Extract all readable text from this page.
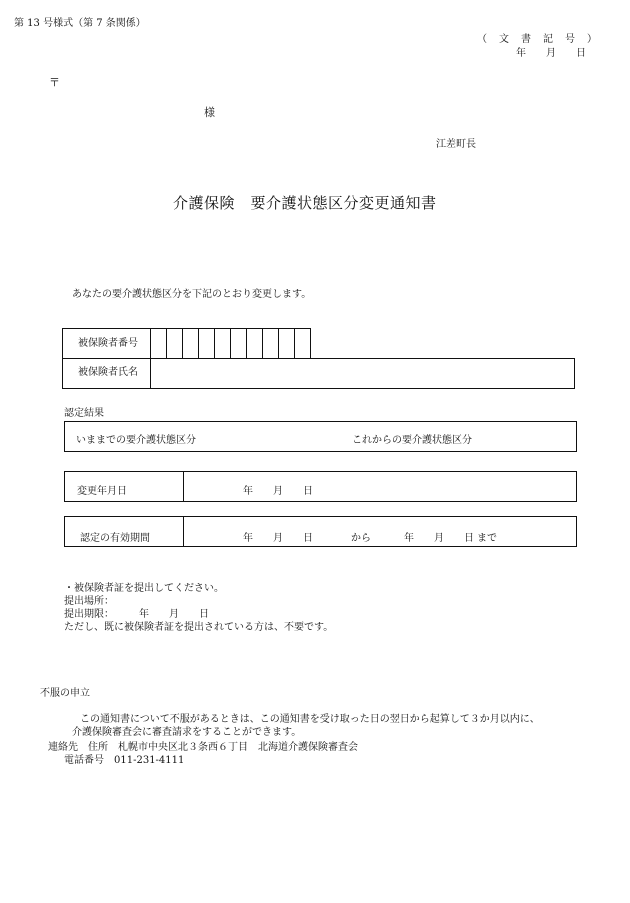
第 13 号様式（第 7 条関係）
（　文　書　記　号　）
年　　月　　日
〒
様
江差町長
介護保険　要介護状態区分変更通知書
あなたの要介護状態区分を下記のとおり変更します。
被保険者番号
被保険者氏名
認定結果
いままでの要介護状態区分	これからの要介護状態区分
変更年月日	年　　月　　日
認定の有効期間	年　　月　　日	から	年　　月　　日 まで
・被保険者証を提出してください。
提出場所：
提出期限：　　　年　　月　　日
ただし、既に被保険者証を提出されている方は、不要です。
不服の申立
この通知書について不服があるときは、この通知書を受け取った日の翌日から起算して３か月以内に、
介護保険審査会に審査請求をすることができます。
連絡先　住所　札幌市中央区北３条西６丁目　北海道介護保険審査会
電話番号　011-231-4111
